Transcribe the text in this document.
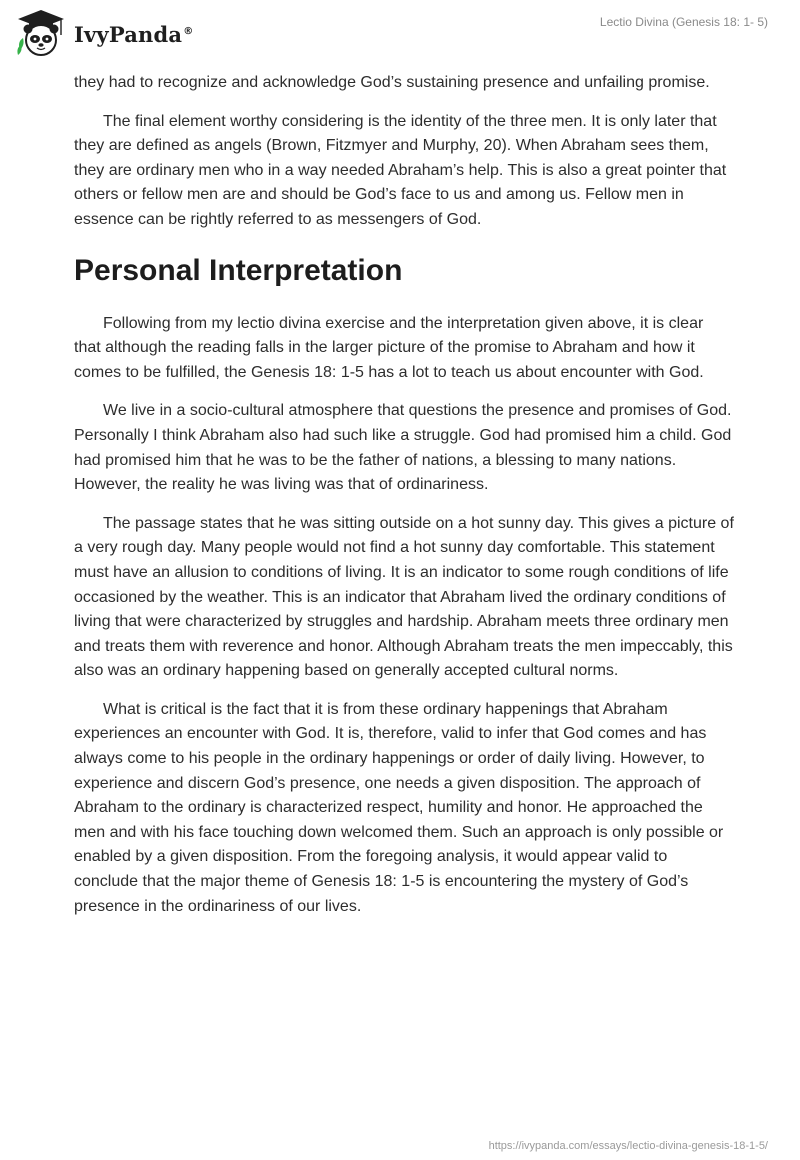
IvyPanda®
Lectio Divina (Genesis 18: 1- 5)

they had to recognize and acknowledge God’s sustaining presence and unfailing promise.

The final element worthy considering is the identity of the three men. It is only later that they are defined as angels (Brown, Fitzmyer and Murphy, 20). When Abraham sees them, they are ordinary men who in a way needed Abraham’s help. This is also a great pointer that others or fellow men are and should be God’s face to us and among us. Fellow men in essence can be rightly referred to as messengers of God.

Personal Interpretation

Following from my lectio divina exercise and the interpretation given above, it is clear that although the reading falls in the larger picture of the promise to Abraham and how it comes to be fulfilled, the Genesis 18: 1-5 has a lot to teach us about encounter with God.

We live in a socio-cultural atmosphere that questions the presence and promises of God. Personally I think Abraham also had such like a struggle. God had promised him a child. God had promised him that he was to be the father of nations, a blessing to many nations. However, the reality he was living was that of ordinariness.

The passage states that he was sitting outside on a hot sunny day. This gives a picture of a very rough day. Many people would not find a hot sunny day comfortable. This statement must have an allusion to conditions of living. It is an indicator to some rough conditions of life occasioned by the weather. This is an indicator that Abraham lived the ordinary conditions of living that were characterized by struggles and hardship. Abraham meets three ordinary men and treats them with reverence and honor. Although Abraham treats the men impeccably, this also was an ordinary happening based on generally accepted cultural norms.

What is critical is the fact that it is from these ordinary happenings that Abraham experiences an encounter with God. It is, therefore, valid to infer that God comes and has always come to his people in the ordinary happenings or order of daily living. However, to experience and discern God’s presence, one needs a given disposition. The approach of Abraham to the ordinary is characterized respect, humility and honor. He approached the men and with his face touching down welcomed them. Such an approach is only possible or enabled by a given disposition. From the foregoing analysis, it would appear valid to conclude that the major theme of Genesis 18: 1-5 is encountering the mystery of God’s presence in the ordinariness of our lives.

https://ivypanda.com/essays/lectio-divina-genesis-18-1-5/
